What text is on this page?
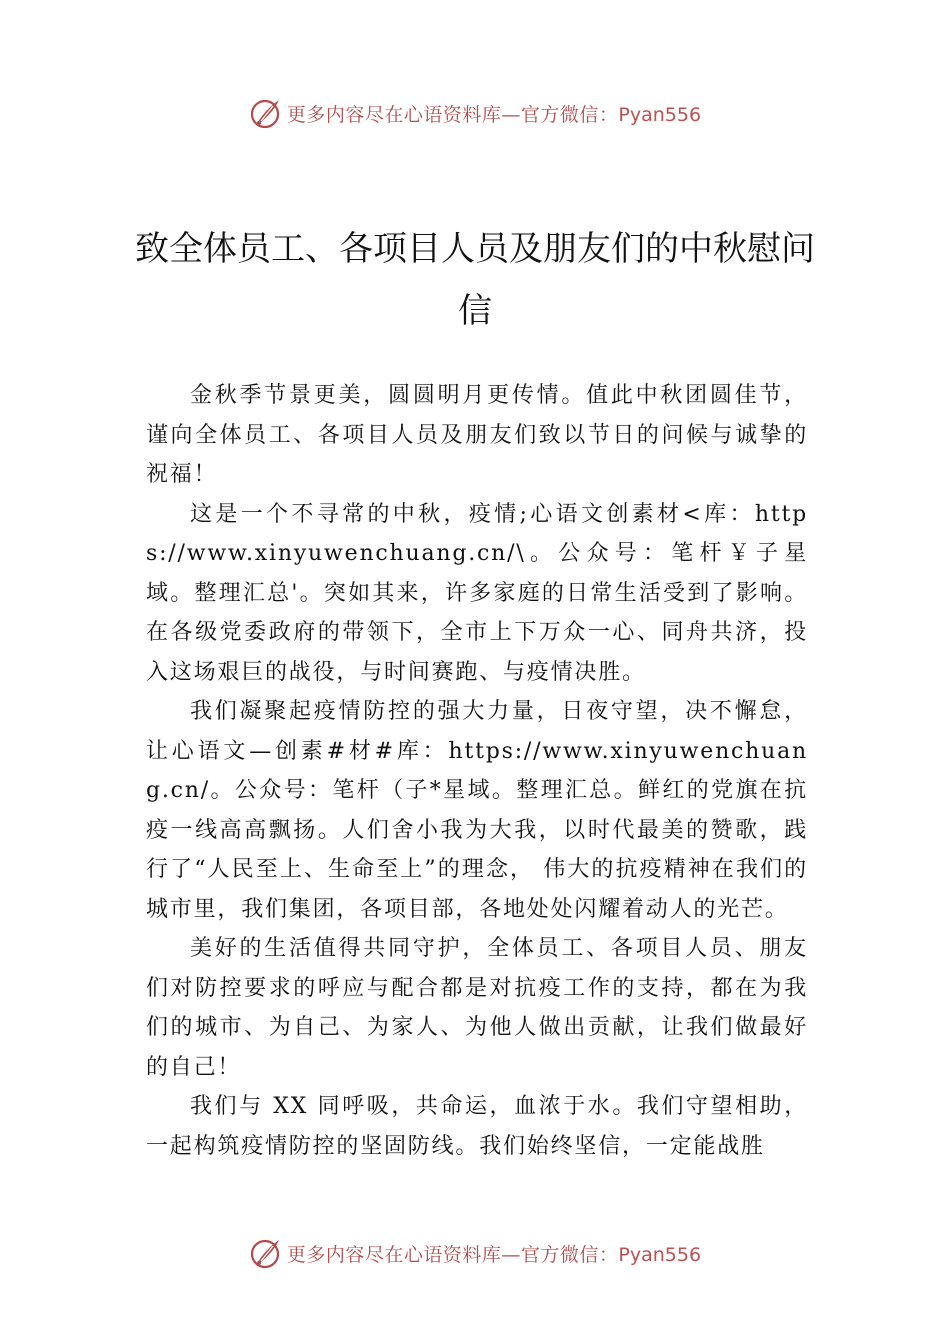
更多内容尽在心语资料库—官方微信：Pyan556
致全体员工、各项目人员及朋友们的中秋慰问信

金秋季节景更美，圆圆明月更传情。值此中秋团圆佳节，谨向全体员工、各项目人员及朋友们致以节日的问候与诚挚的祝福！

这是一个不寻常的中秋，疫情;心语文创素材<库：https://www.xinyuwenchuang.cn/\。公众号：笔杆￥子星域。整理汇总'。突如其来，许多家庭的日常生活受到了影响。在各级党委政府的带领下，全市上下万众一心、同舟共济，投入这场艰巨的战役，与时间赛跑、与疫情决胜。

我们凝聚起疫情防控的强大力量，日夜守望，决不懈怠， 让心语文—创素#材#库：https://www.xinyuwenchuang.cn/。公众号：笔杆（子*星域。整理汇总。鲜红的党旗在抗疫一线高高飘扬。人们舍小我为大我，以时代最美的赞歌，践行了“人民至上、生命至上”的理念， 伟大的抗疫精神在我们的城市里，我们集团，各项目部，各地处处闪耀着动人的光芒。

美好的生活值得共同守护，全体员工、各项目人员、朋友们对防控要求的呼应与配合都是对抗疫工作的支持，都在为我们的城市、为自己、为家人、为他人做出贡献，让我们做最好的自己！

我们与 XX 同呼吸，共命运，血浓于水。我们守望相助，一起构筑疫情防控的坚固防线。我们始终坚信，一定能战胜

更多内容尽在心语资料库—官方微信：Pyan556
